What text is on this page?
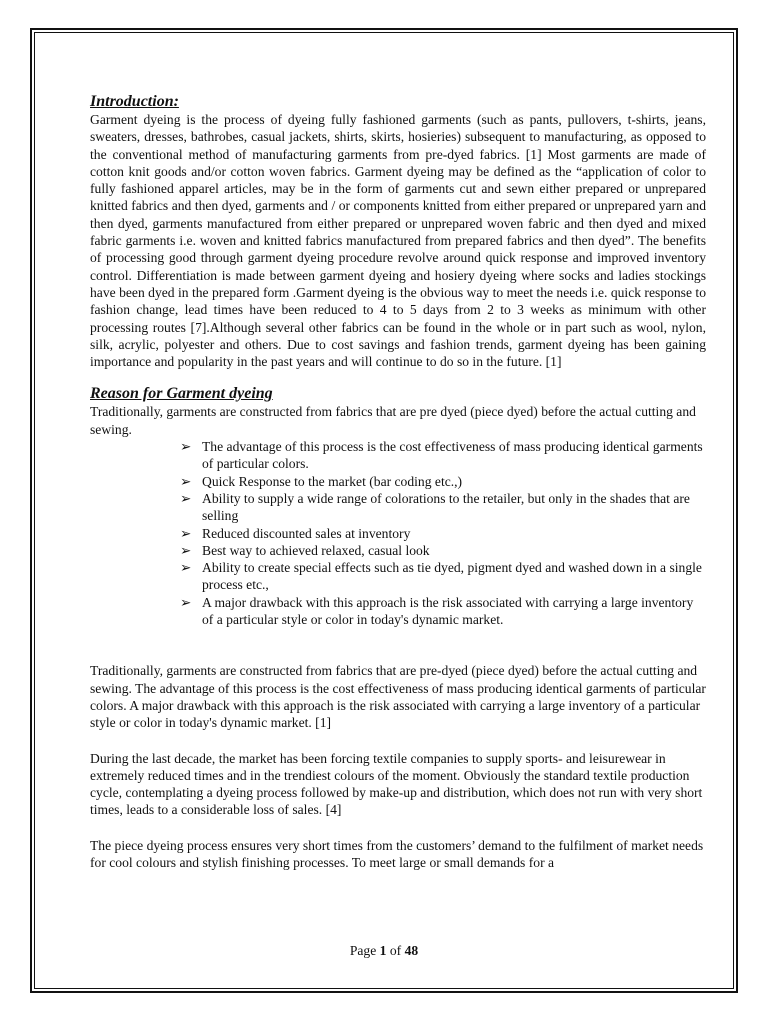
Introduction:

Garment dyeing is the process of dyeing fully fashioned garments (such as pants, pullovers, t-shirts, jeans, sweaters, dresses, bathrobes, casual jackets, shirts, skirts, hosieries) subsequent to manufacturing, as opposed to the conventional method of manufacturing garments from pre-dyed fabrics. [1] Most garments are made of cotton knit goods and/or cotton woven fabrics. Garment dyeing may be defined as the “application of color to fully fashioned apparel articles, may be in the form of garments cut and sewn either prepared or unprepared knitted fabrics and then dyed, garments and / or components knitted from either prepared or unprepared yarn and then dyed, garments manufactured from either prepared or unprepared woven fabric and then dyed and mixed fabric garments i.e. woven and knitted fabrics manufactured from prepared fabrics and then dyed”. The benefits of processing good through garment dyeing procedure revolve around quick response and improved inventory control. Differentiation is made between garment dyeing and hosiery dyeing where socks and ladies stockings have been dyed in the prepared form .Garment dyeing is the obvious way to meet the needs i.e. quick response to fashion change, lead times have been reduced to 4 to 5 days from 2 to 3 weeks as minimum with other processing routes [7].Although several other fabrics can be found in the whole or in part such as wool, nylon, silk, acrylic, polyester and others. Due to cost savings and fashion trends, garment dyeing has been gaining importance and popularity in the past years and will continue to do so in the future. [1]

Reason for Garment dyeing

Traditionally, garments are constructed from fabrics that are pre dyed (piece dyed) before the actual cutting and sewing.

➢ The advantage of this process is the cost effectiveness of mass producing identical garments of particular colors.
➢ Quick Response to the market (bar coding etc.,)
➢ Ability to supply a wide range of colorations to the retailer, but only in the shades that are selling
➢ Reduced discounted sales at inventory
➢ Best way to achieved relaxed, casual look
➢ Ability to create special effects such as tie dyed, pigment dyed and washed down in a single process etc.,
➢ A major drawback with this approach is the risk associated with carrying a large inventory of a particular style or color in today's dynamic market.

Traditionally, garments are constructed from fabrics that are pre-dyed (piece dyed) before the actual cutting and sewing. The advantage of this process is the cost effectiveness of mass producing identical garments of particular colors. A major drawback with this approach is the risk associated with carrying a large inventory of a particular style or color in today's dynamic market. [1]

During the last decade, the market has been forcing textile companies to supply sports- and leisurewear in extremely reduced times and in the trendiest colours of the moment. Obviously the standard textile production cycle, contemplating a dyeing process followed by make-up and distribution, which does not run with very short times, leads to a considerable loss of sales. [4]

The piece dyeing process ensures very short times from the customers’ demand to the fulfilment of market needs for cool colours and stylish finishing processes. To meet large or small demands for a

Page 1 of 48
